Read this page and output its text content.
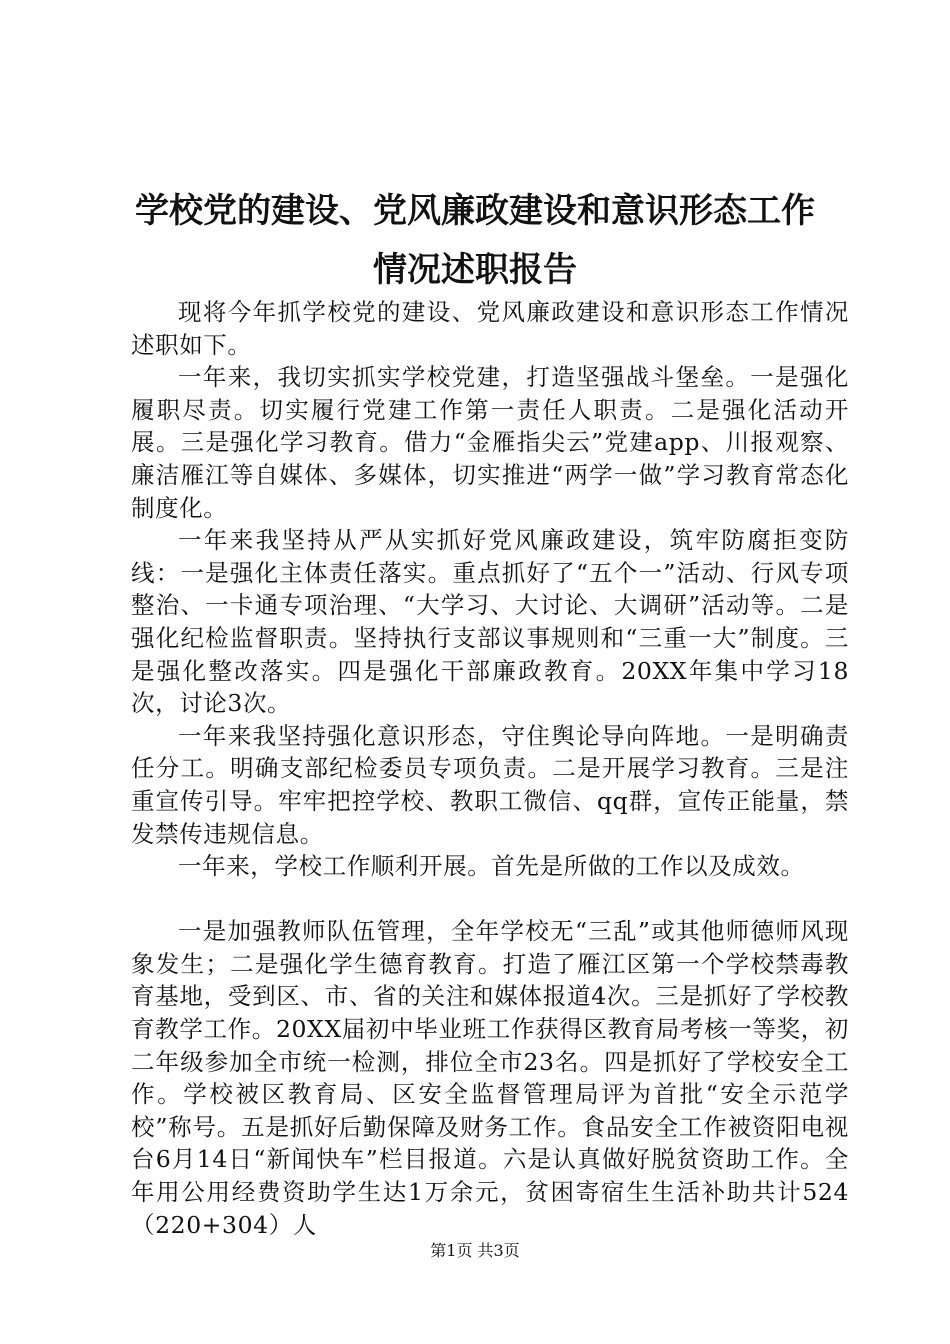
学校党的建设、党风廉政建设和意识形态工作
情况述职报告

现将今年抓学校党的建设、党风廉政建设和意识形态工作情况述职如下。

一年来，我切实抓实学校党建，打造坚强战斗堡垒。一是强化履职尽责。切实履行党建工作第一责任人职责。二是强化活动开展。三是强化学习教育。借力“金雁指尖云”党建app、川报观察、廉洁雁江等自媒体、多媒体，切实推进“两学一做”学习教育常态化制度化。

一年来我坚持从严从实抓好党风廉政建设，筑牢防腐拒变防线：一是强化主体责任落实。重点抓好了“五个一”活动、行风专项整治、一卡通专项治理、“大学习、大讨论、大调研”活动等。二是强化纪检监督职责。坚持执行支部议事规则和“三重一大”制度。三是强化整改落实。四是强化干部廉政教育。20XX年集中学习18次，讨论3次。

一年来我坚持强化意识形态，守住舆论导向阵地。一是明确责任分工。明确支部纪检委员专项负责。二是开展学习教育。三是注重宣传引导。牢牢把控学校、教职工微信、qq群，宣传正能量，禁发禁传违规信息。

一年来，学校工作顺利开展。首先是所做的工作以及成效。

一是加强教师队伍管理，全年学校无“三乱”或其他师德师风现象发生；二是强化学生德育教育。打造了雁江区第一个学校禁毒教育基地，受到区、市、省的关注和媒体报道4次。三是抓好了学校教育教学工作。20XX届初中毕业班工作获得区教育局考核一等奖，初二年级参加全市统一检测，排位全市23名。四是抓好了学校安全工作。学校被区教育局、区安全监督管理局评为首批“安全示范学校”称号。五是抓好后勤保障及财务工作。食品安全工作被资阳电视台6月14日“新闻快车”栏目报道。六是认真做好脱贫资助工作。全年用公用经费资助学生达1万余元，贫困寄宿生生活补助共计524（220+304）人

第1页 共3页
